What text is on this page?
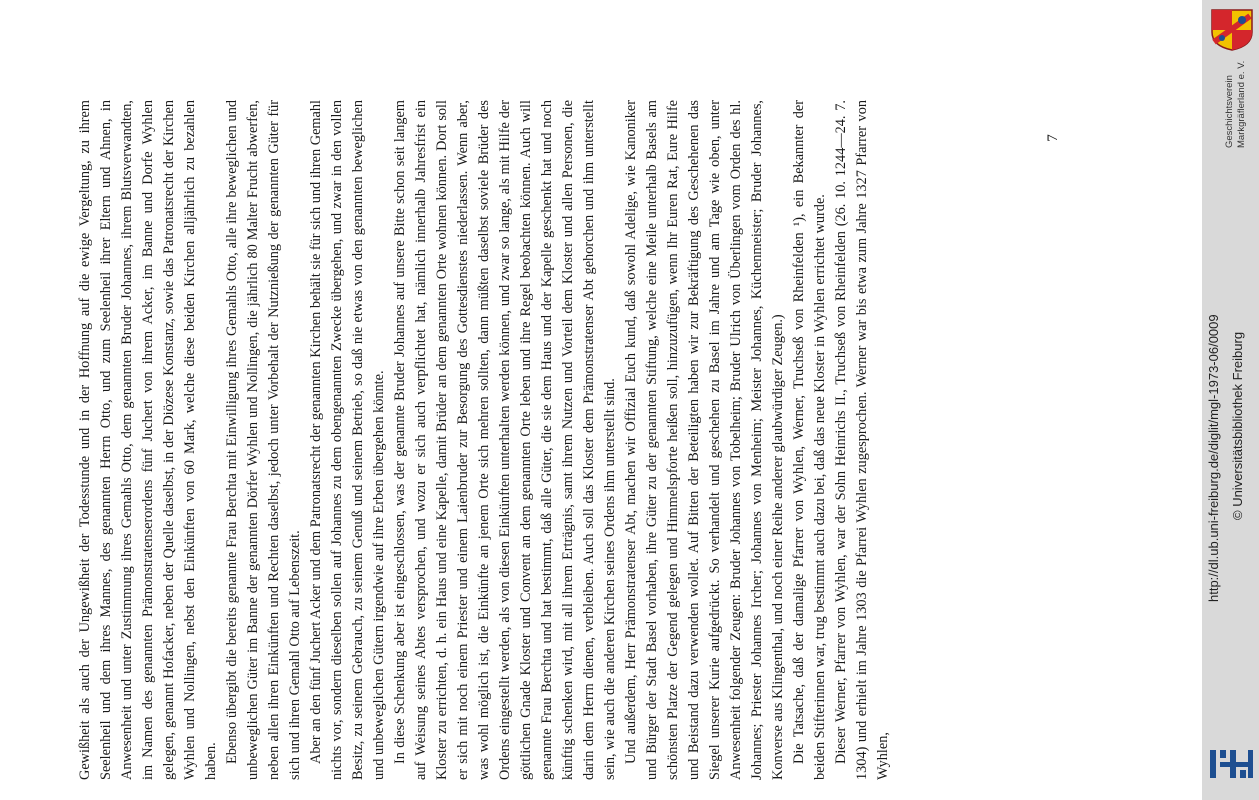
Gewißheit als auch der Ungewißheit der Todesstunde und in der Hoffnung auf die ewige Vergeltung, zu ihrem Seelenheil und dem ihres Mannes, des genannten Herrn Otto, und zum Seelenheil ihrer Eltern und Ahnen, in Anwesenheit und unter Zustimmung ihres Gemahls Otto, dem genannten Bruder Johannes, ihrem Blutsverwandten, im Namen des genannten Prämonstratenserordens fünf Juchert von ihrem Acker, im Banne und Dorfe Wyhlen gelegen, genannt Hofacker, neben der Quelle daselbst, in der Diözese Konstanz, sowie das Patronatsrecht der Kirchen Wyhlen und Nollingen, nebst den Einkünften von 60 Mark, welche diese beiden Kirchen alljährlich zu bezahlen haben. Ebenso übergibt die bereits genannte Frau Berchta mit Einwilligung ihres Gemahls Otto, alle ihre beweglichen und unbeweglichen Güter im Banne der genannten Dörfer Wyhlen und Nollingen, die jährlich 80 Malter Frucht abwerfen, neben allen ihren Einkünften und Rechten daselbst, jedoch unter Vorbehalt der Nutznießung der genannten Güter für sich und ihren Gemahl Otto auf Lebenszeit. Aber an den fünf Juchert Acker und dem Patronatsrecht der genannten Kirchen behält sie für sich und ihren Gemahl nichts vor, sondern dieselben sollen auf Johannes zu dem obengenannten Zwecke übergehen, und zwar in den vollen Besitz, zu seinem Gebrauch, zu seinem Genuß und seinem Betrieb, so daß nie etwas von den genannten beweglichen und unbeweglichen Gütern irgendwie auf ihre Erben übergehen könnte. In diese Schenkung aber ist eingeschlossen, was der genannte Bruder Johannes auf unsere Bitte schon seit langem auf Weisung seines Abtes versprochen, und wozu er sich auch verpflichtet hat, nämlich innerhalb Jahresfrist ein Kloster zu errichten, d. h. ein Haus und eine Kapelle, damit Brüder an dem genannten Orte wohnen können. Dort soll er sich mit noch einem Priester und einem Laienbruder zur Besorgung des Gottesdienstes niederlassen. Wenn aber, was wohl möglich ist, die Einkünfte an jenem Orte sich mehren sollten, dann müßten daselbst soviele Brüder des Ordens eingestellt werden, als von diesen Einkünften unterhalten werden können, und zwar so lange, als mit Hilfe der göttlichen Gnade Kloster und Convent an dem genannten Orte leben und ihre Regel beobachten können. Auch will genannte Frau Berchta und hat bestimmt, daß alle Güter, die sie dem Haus und der Kapelle geschenkt hat und noch künftig schenken wird, mit all ihrem Erträgnis, samt ihrem Nutzen und Vorteil dem Kloster und allen Personen, die darin dem Herrn dienen, verbleiben. Auch soll das Kloster dem Prämonstratenser Abt gehorchen und ihm unterstellt sein, wie auch die anderen Kirchen seines Ordens ihm unterstellt sind. Und außerdem, Herr Prämonstratenser Abt, machen wir Offizial Euch kund, daß sowohl Adelige, wie Kanoniker und Bürger der Stadt Basel vorhaben, ihre Güter zu der genannten Stiftung, welche eine Meile unterhalb Basels am schönsten Platze der Gegend gelegen und Himmelspforte heißen soll, hinzuzufügen, wenn Ihr Euren Rat, Eure Hilfe und Beistand dazu verwenden wollet. Auf Bitten der Beteiligten haben wir zur Bekräftigung des Geschehenen das Siegel unserer Kurie aufgedrückt. So verhandelt und geschehen zu Basel im Jahre und am Tage wie oben, unter Anwesenheit folgender Zeugen: Bruder Johannes von Tobelheim; Bruder Ulrich von Überlingen vom Orden des hl. Johannes; Priester Johannes Ircher; Johannes von Menheim; Meister Johannes, Küchenmeister; Bruder Johannes, Konverse aus Klingenthal, und noch einer Reihe anderer glaubwürdiger Zeugen.) Die Tatsache, daß der damalige Pfarrer von Wyhlen, Werner, Truchseß von Rheinfelden ¹), ein Bekannter der beiden Stifterinnen war, trug bestimmt auch dazu bei, daß das neue Kloster in Wyhlen errichtet wurde. Dieser Werner, Pfarrer von Wyhlen, war der Sohn Heinrichs II., Truchseß von Rheinfelden (26. 10. 1244—24. 7. 1304) und erhielt im Jahre 1303 die Pfarrei Wyhlen zugesprochen. Werner war bis etwa zum Jahre 1327 Pfarrer von Wyhlen,

7	Geschichtsverein Markgräflerland e. V.
http://dl.ub.uni-freiburg.de/diglit/mgl-1973-06/0009 © Universitätsbibliothek Freiburg
